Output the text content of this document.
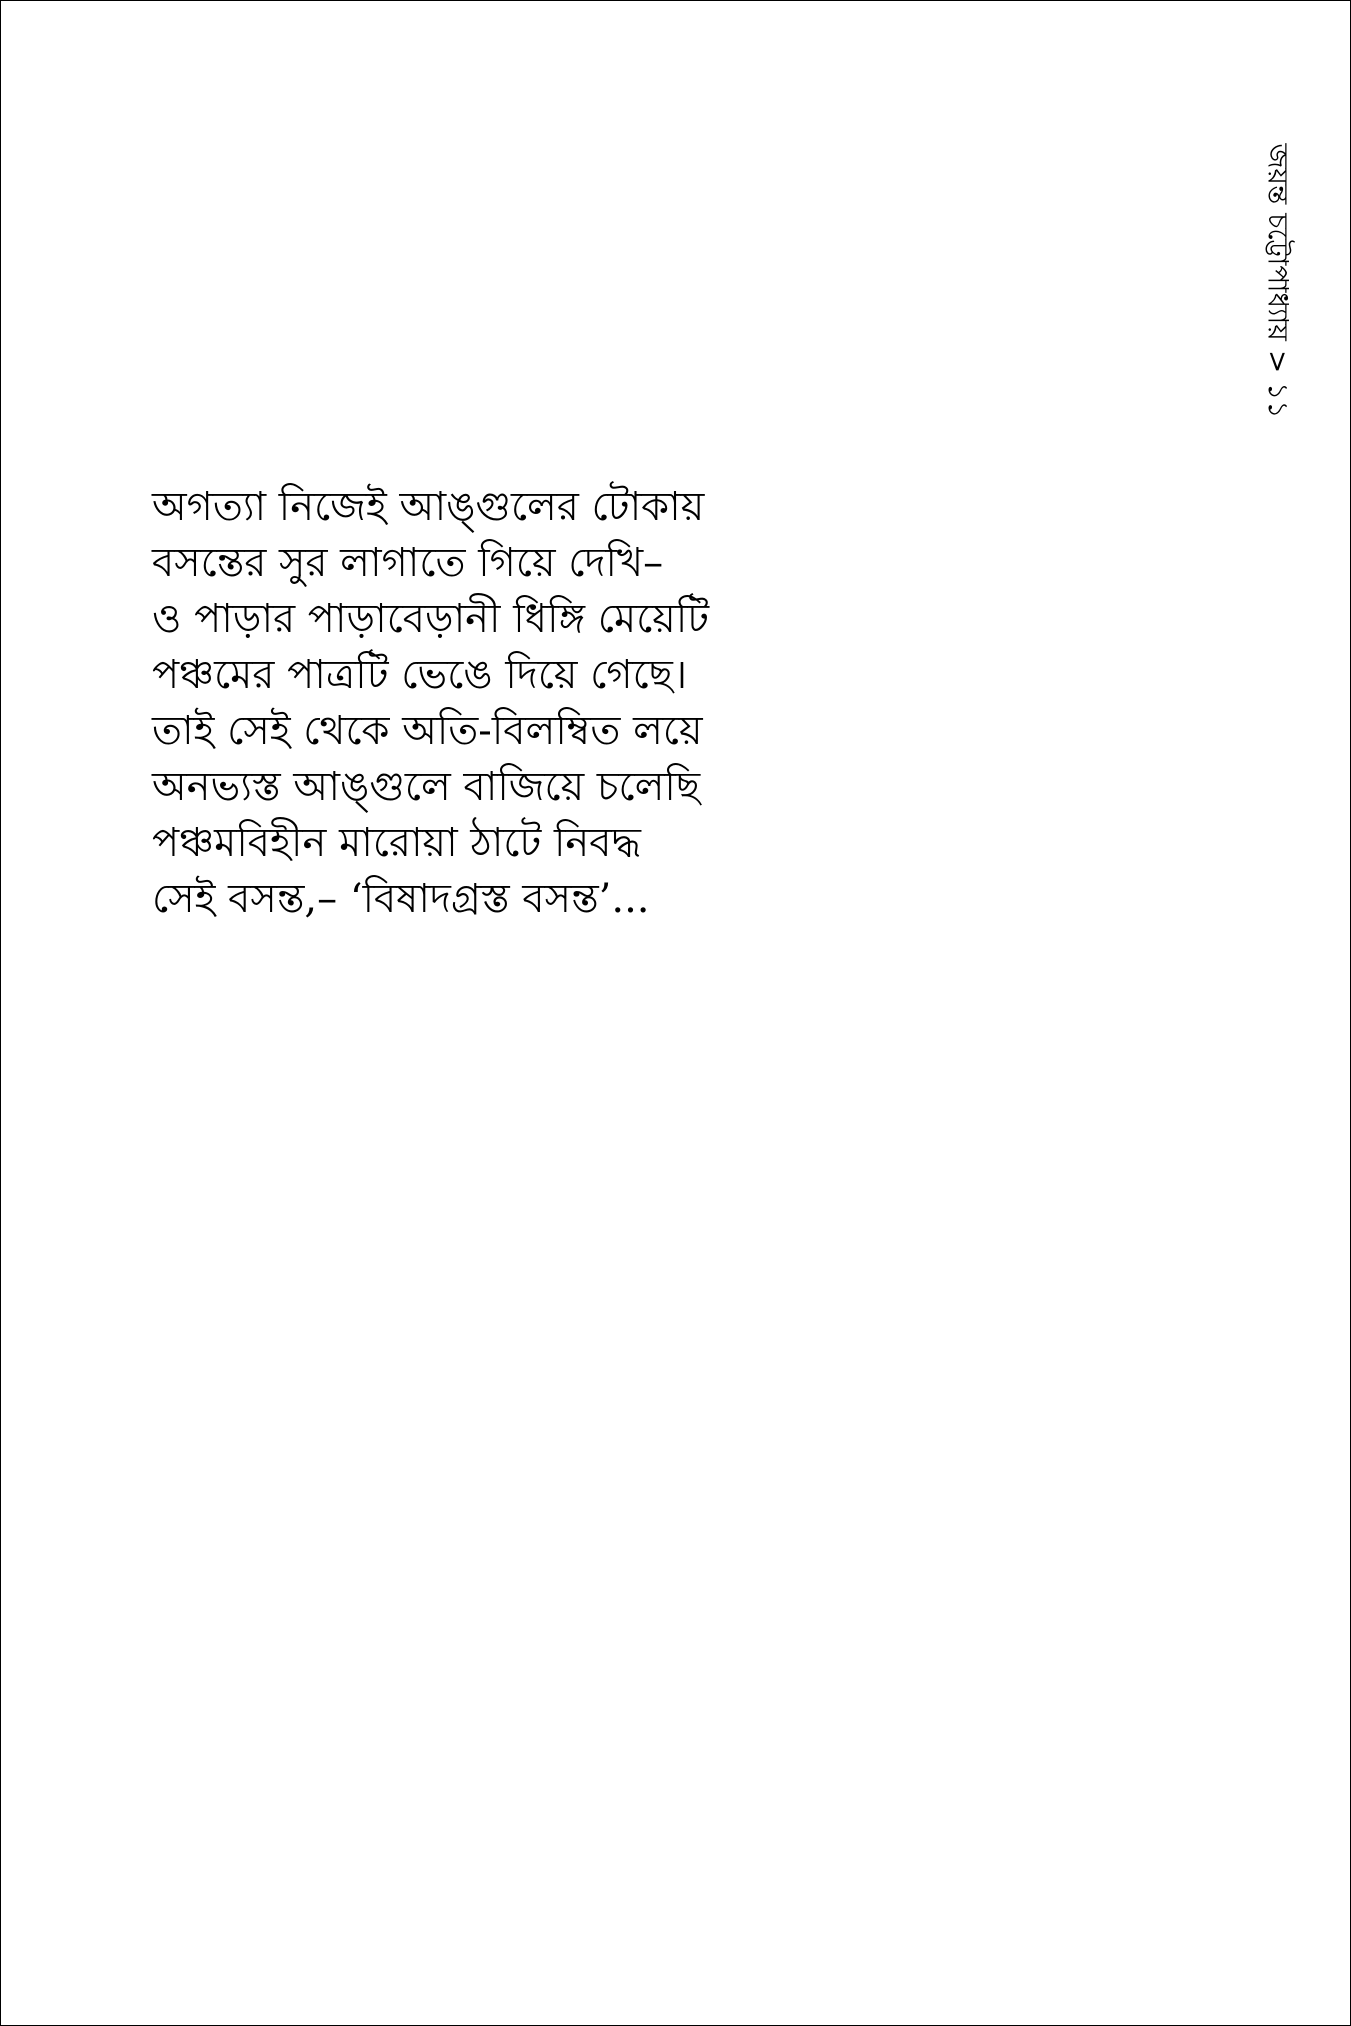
জয়ন্ত চট্টোপাধ্যায় > ১১
অগত্যা নিজেই আঙ্গুলের টোকায়
বসন্তের সুর লাগাতে গিয়ে দেখি–
ও পাড়ার পাড়াবেড়ানী ধিঙ্গি মেয়েটি
পঞ্চমের পাত্রটি ভেঙে দিয়ে গেছে।
তাই সেই থেকে অতি-বিলম্বিত লয়ে
অনভ্যস্ত আঙ্গুলে বাজিয়ে চলেছি
পঞ্চমবিহীন মারোয়া ঠাটে নিবদ্ধ
সেই বসন্ত,– ‘বিষাদগ্রস্ত বসন্ত’...
